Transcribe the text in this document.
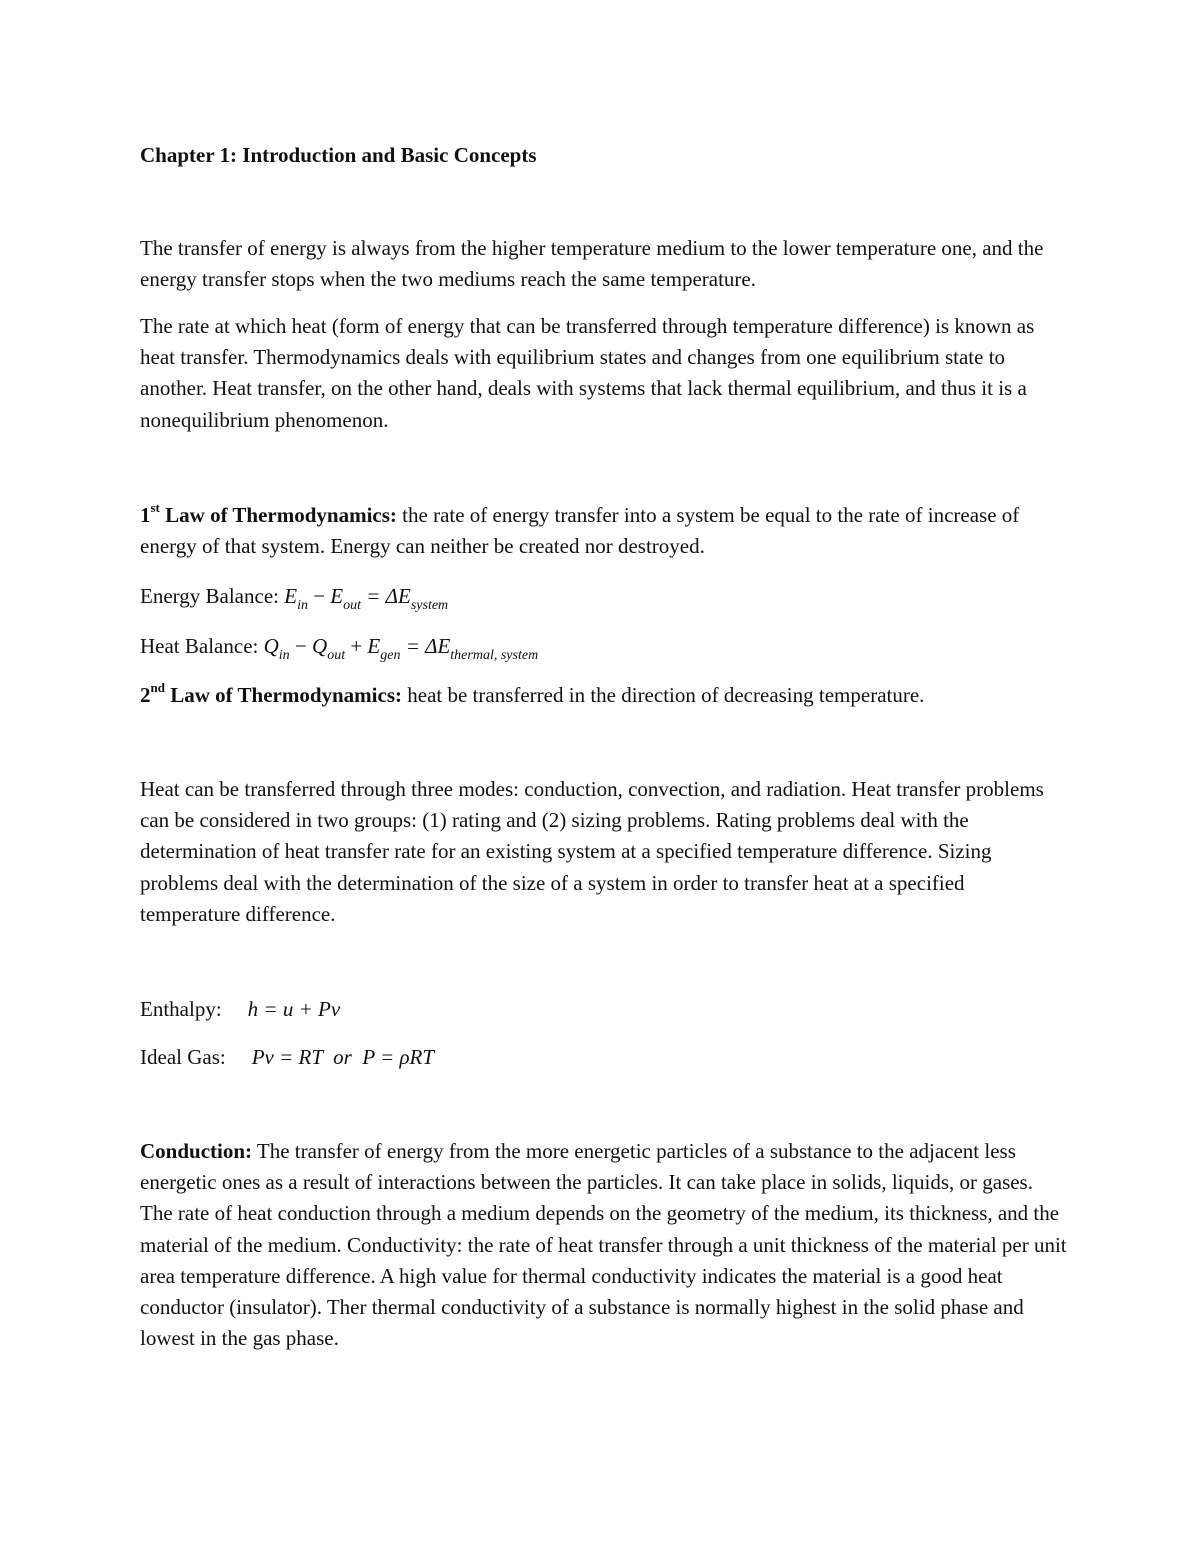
Chapter 1: Introduction and Basic Concepts
The transfer of energy is always from the higher temperature medium to the lower temperature one, and the energy transfer stops when the two mediums reach the same temperature.
The rate at which heat (form of energy that can be transferred through temperature difference) is known as heat transfer. Thermodynamics deals with equilibrium states and changes from one equilibrium state to another. Heat transfer, on the other hand, deals with systems that lack thermal equilibrium, and thus it is a nonequilibrium phenomenon.
1st Law of Thermodynamics: the rate of energy transfer into a system be equal to the rate of increase of energy of that system. Energy can neither be created nor destroyed.
Energy Balance: $E_{in} - E_{out} = \Delta E_{system}$
Heat Balance: $Q_{in} - Q_{out} + E_{gen} = \Delta E_{thermal, system}$
2nd Law of Thermodynamics: heat be transferred in the direction of decreasing temperature.
Heat can be transferred through three modes: conduction, convection, and radiation. Heat transfer problems can be considered in two groups: (1) rating and (2) sizing problems. Rating problems deal with the determination of heat transfer rate for an existing system at a specified temperature difference. Sizing problems deal with the determination of the size of a system in order to transfer heat at a specified temperature difference.
Enthalpy: h = u + Pv
Ideal Gas: Pv = RT  or  P = ρRT
Conduction: The transfer of energy from the more energetic particles of a substance to the adjacent less energetic ones as a result of interactions between the particles. It can take place in solids, liquids, or gases. The rate of heat conduction through a medium depends on the geometry of the medium, its thickness, and the material of the medium. Conductivity: the rate of heat transfer through a unit thickness of the material per unit area temperature difference. A high value for thermal conductivity indicates the material is a good heat conductor (insulator). Ther thermal conductivity of a substance is normally highest in the solid phase and lowest in the gas phase.
